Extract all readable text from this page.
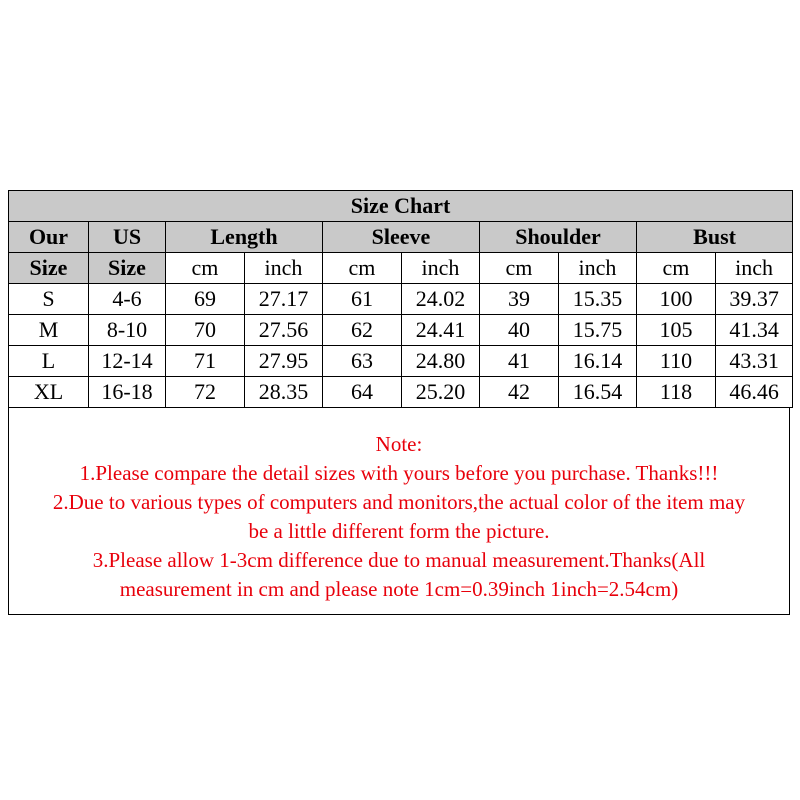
Size Chart									
Our	US	Length		Sleeve		Shoulder		Bust	
Size	Size	cm	inch	cm	inch	cm	inch	cm	inch
S	4-6	69	27.17	61	24.02	39	15.35	100	39.37
M	8-10	70	27.56	62	24.41	40	15.75	105	41.34
L	12-14	71	27.95	63	24.80	41	16.14	110	43.31
XL	16-18	72	28.35	64	25.20	42	16.54	118	46.46
Note:
1.Please compare the detail sizes with yours before you purchase. Thanks!!!
2.Due to various types of computers and monitors,the actual color of the item may
be a little different form the picture.
3.Please allow 1-3cm difference due to manual measurement.Thanks(All
measurement in cm and please note 1cm=0.39inch 1inch=2.54cm)
